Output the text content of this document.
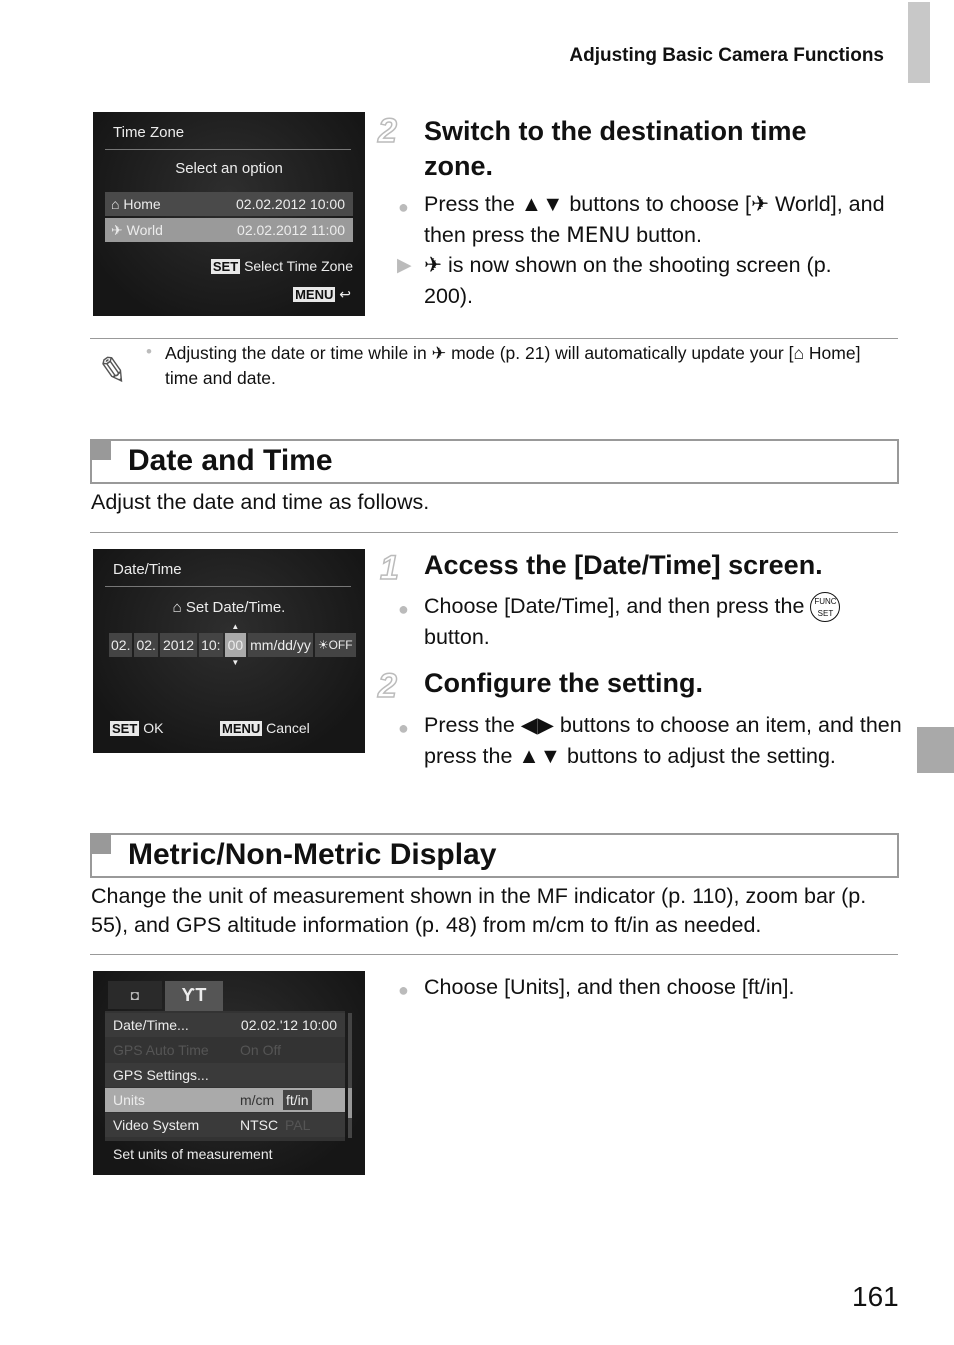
Adjusting Basic Camera Functions
Time Zone
Select an option
⌂ Home	02.02.2012 10:00
✈ World	02.02.2012 11:00
SET Select Time Zone
MENU ↩
2 Switch to the destination time zone.
● Press the ▲▼ buttons to choose [✈ World], and then press the MENU button.
▶ ✈ is now shown on the shooting screen (p. 200).
✎ • Adjusting the date or time while in ✈ mode (p. 21) will automatically update your [⌂ Home] time and date.
Date and Time
Adjust the date and time as follows.
Date/Time
⌂ Set Date/Time.
02. 02. 2012 10: 00
▲
▼
mm/dd/yy ☀OFF
SET OK	MENU Cancel
1 Access the [Date/Time] screen.
● Choose [Date/Time], and then press the FUNC SET button.
2 Configure the setting.
● Press the ◀▶ buttons to choose an item, and then press the ▲▼ buttons to adjust the setting.
Metric/Non-Metric Display
Change the unit of measurement shown in the MF indicator (p. 110), zoom bar (p. 55), and GPS altitude information (p. 48) from m/cm to ft/in as needed.
◘	ƳT
Date/Time...	02.02.'12 10:00
GPS Auto Time On Off
GPS Settings...
Units	m/cm ft/in
Video System	NTSC PAL
Set units of measurement
● Choose [Units], and then choose [ft/in].
161
